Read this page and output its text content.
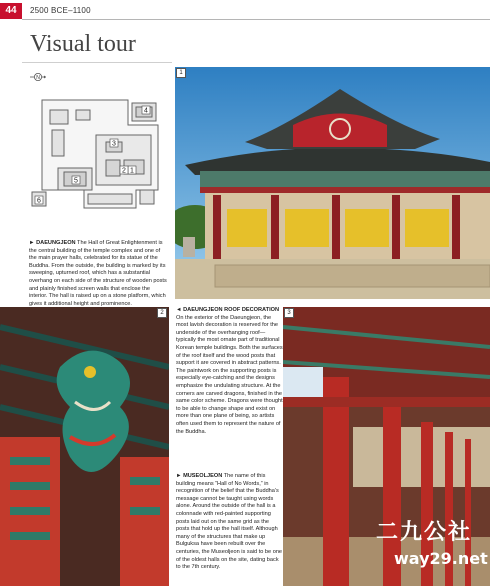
44	2500 BCE–1100
Visual tour
N
1
2
3
4
5
6
► DAEUNGJEON The Hall of Great Enlightenment is the central building of the temple complex and one of the main prayer halls, celebrated for its statue of the Buddha. From the outside, the building is marked by its sweeping, upturned roof, which has a substantial overhang on each side of the structure of wooden posts and plainly finished screen walls that enclose the interior. The hall is raised up on a stone platform, which gives it additional height and prominence.
1
2	◄ DAEUNGJEON ROOF DECORATION On the exterior of the Daeungjeon, the most lavish decoration is reserved for the underside of the overhanging roof—typically the most ornate part of traditional Korean temple buildings. Both the surfaces of the roof itself and the wood posts that support it are covered in abstract patterns. The paintwork on the supporting posts is especially eye-catching and the designs emphasize the undulating structure. At the corners are carved dragons, finished in the same color scheme. Dragons were thought to be able to change shape and exist on more than one plane of being, so artists often used them to represent the nature of the Buddha.
► MUSEOLJEON The name of this building means “Hall of No Words,” in recognition of the belief that the Buddha’s message cannot be taught using words alone. Around the outside of the hall is a colonnade with red-painted supporting posts laid out on the same grid as the posts that hold up the hall itself. Although many of the structures that make up Bulguksa have been rebuilt over the centuries, the Museoljeon is said to be one of the oldest halls on the site, dating back to the 7th century.
3
二九公社
way29.net
